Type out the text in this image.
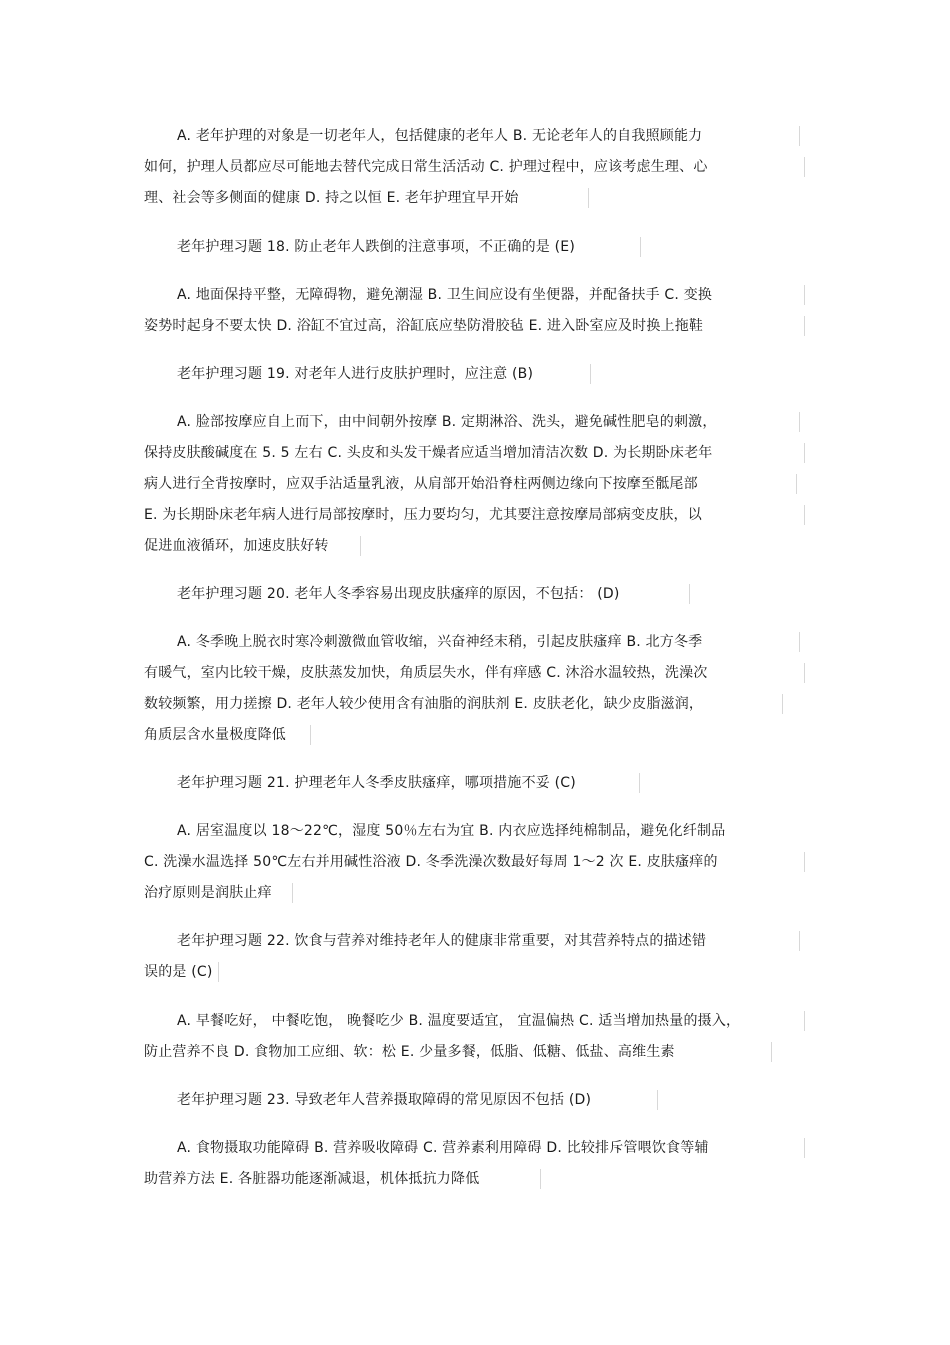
A. 老年护理的对象是一切老年人，包括健康的老年人 B. 无论老年人的自我照顾能力
如何，护理人员都应尽可能地去替代完成日常生活活动 C. 护理过程中，应该考虑生理、心
理、社会等多侧面的健康 D. 持之以恒 E. 老年护理宜早开始
老年护理习题 18. 防止老年人跌倒的注意事项，不正确的是 (E)
A. 地面保持平整，无障碍物，避免潮湿 B. 卫生间应设有坐便器，并配备扶手 C. 变换
姿势时起身不要太快 D. 浴缸不宜过高，浴缸底应垫防滑胶毡 E. 进入卧室应及时换上拖鞋
老年护理习题 19. 对老年人进行皮肤护理时，应注意 (B)
A. 脸部按摩应自上而下，由中间朝外按摩 B. 定期淋浴、洗头，避免碱性肥皂的刺激，
保持皮肤酸碱度在 5. 5 左右 C. 头皮和头发干燥者应适当增加清洁次数 D. 为长期卧床老年
病人进行全背按摩时，应双手沾适量乳液，从肩部开始沿脊柱两侧边缘向下按摩至骶尾部
E. 为长期卧床老年病人进行局部按摩时，压力要均匀，尤其要注意按摩局部病变皮肤，以
促进血液循环，加速皮肤好转
老年护理习题 20. 老年人冬季容易出现皮肤瘙痒的原因，不包括： (D)
A. 冬季晚上脱衣时寒冷刺激微血管收缩，兴奋神经末稍，引起皮肤瘙痒 B. 北方冬季
有暖气，室内比较干燥，皮肤蒸发加快，角质层失水，伴有痒感 C. 沐浴水温较热，洗澡次
数较频繁，用力搓擦 D. 老年人较少使用含有油脂的润肤剂 E. 皮肤老化，缺少皮脂滋润，
角质层含水量极度降低
老年护理习题 21. 护理老年人冬季皮肤瘙痒，哪项措施不妥 (C)
A. 居室温度以 18～22℃，湿度 50％左右为宜 B. 内衣应选择纯棉制品，避免化纤制品
C. 洗澡水温选择 50℃左右并用碱性浴液 D. 冬季洗澡次数最好每周 1～2 次 E. 皮肤瘙痒的
治疗原则是润肤止痒
老年护理习题 22. 饮食与营养对维持老年人的健康非常重要，对其营养特点的描述错
误的是 (C)
A. 早餐吃好， 中餐吃饱， 晚餐吃少 B. 温度要适宜， 宜温偏热 C. 适当增加热量的摄入，
防止营养不良 D. 食物加工应细、软：松 E. 少量多餐，低脂、低糖、低盐、高维生素
老年护理习题 23. 导致老年人营养摄取障碍的常见原因不包括 (D)
A. 食物摄取功能障碍 B. 营养吸收障碍 C. 营养素利用障碍 D. 比较排斥管喂饮食等辅
助营养方法 E. 各脏器功能逐渐减退，机体抵抗力降低
